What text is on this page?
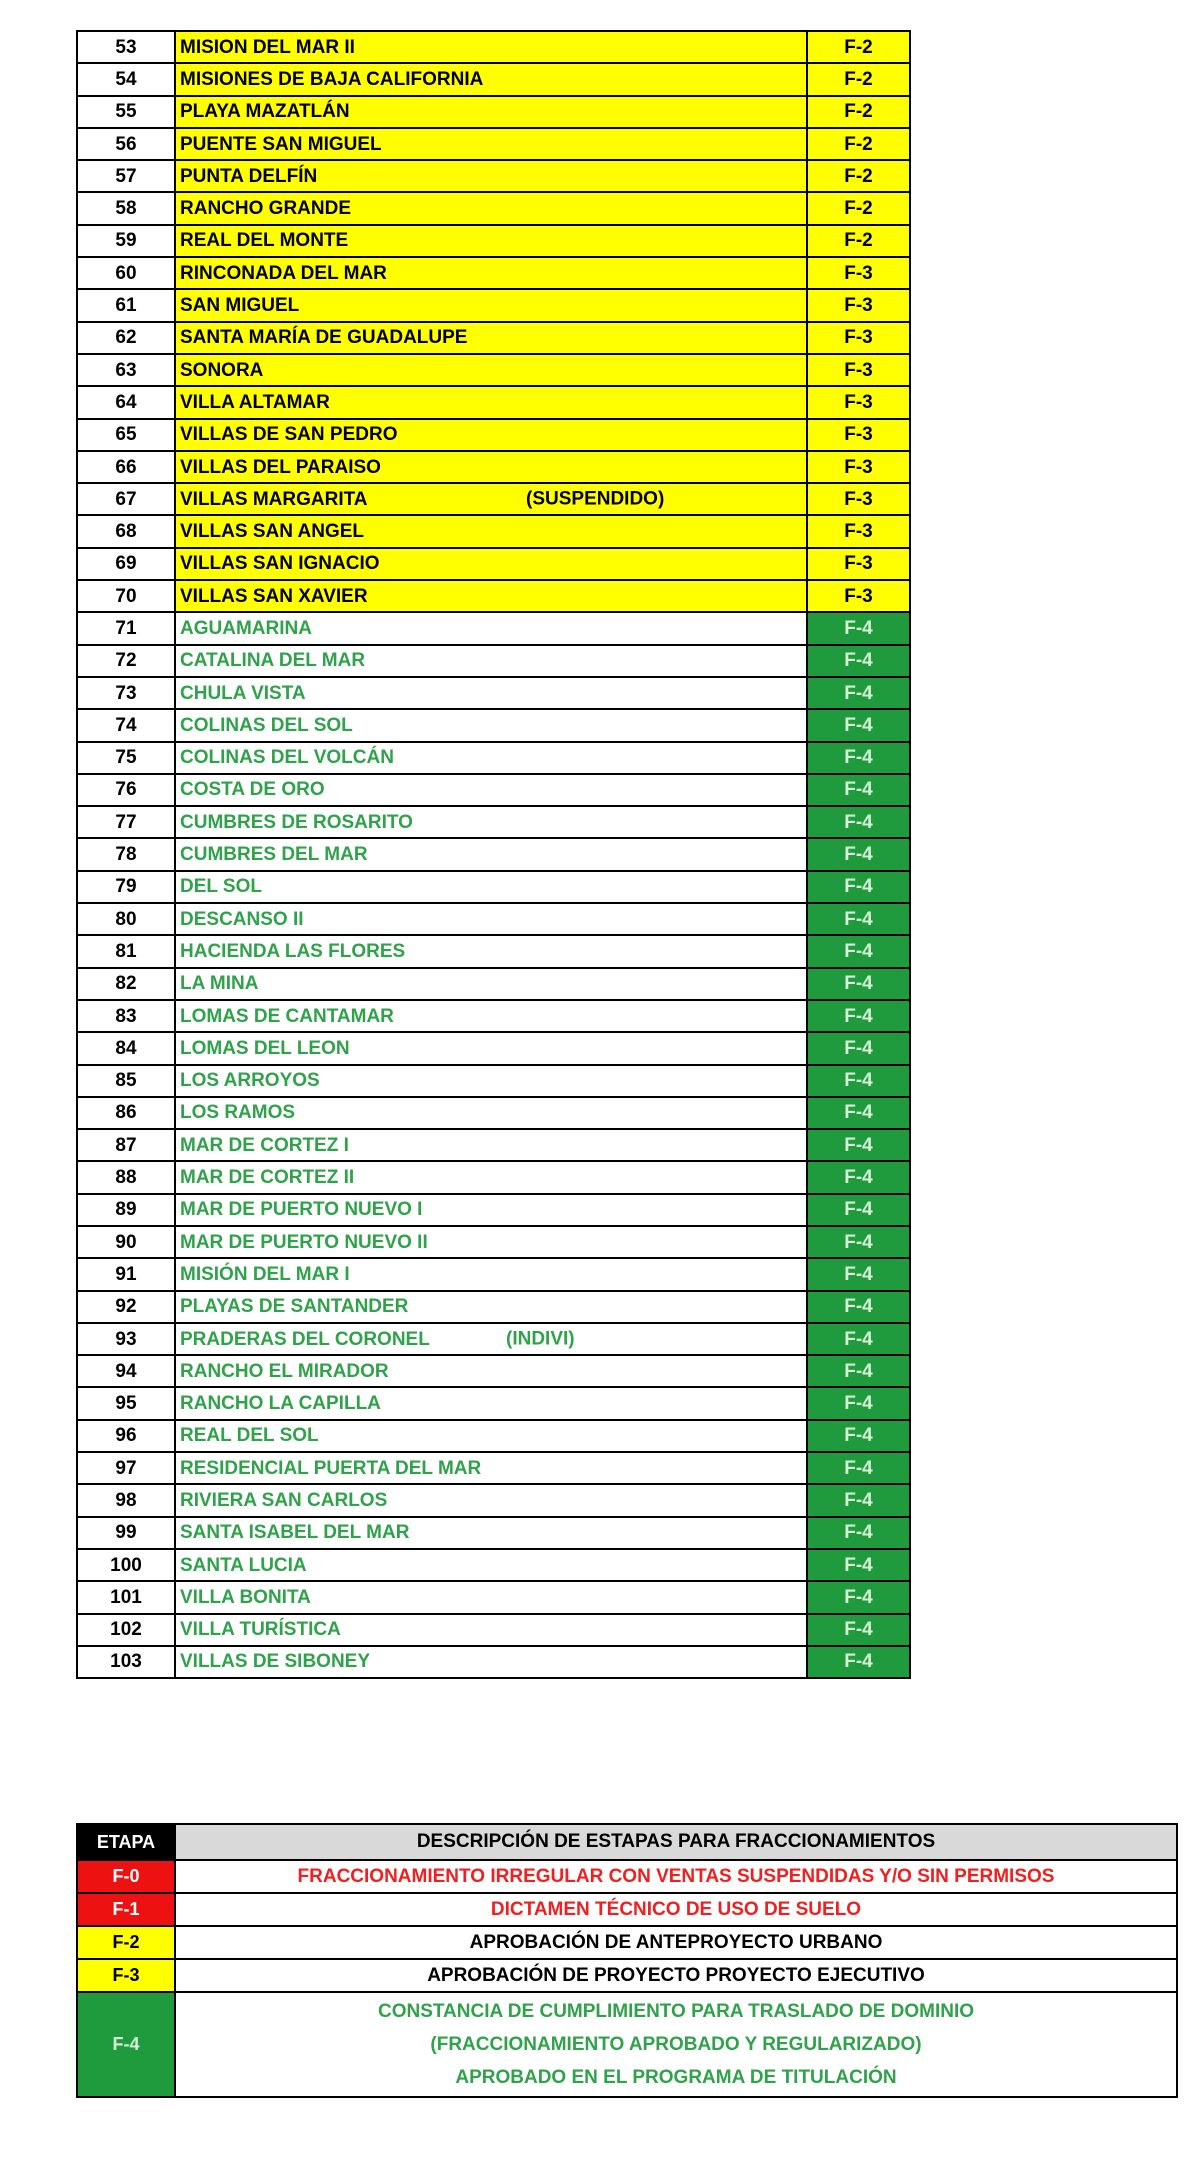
53	MISION DEL MAR II	F-2
54	MISIONES DE BAJA CALIFORNIA	F-2
55	PLAYA MAZATLÁN	F-2
56	PUENTE SAN MIGUEL	F-2
57	PUNTA DELFÍN	F-2
58	RANCHO GRANDE	F-2
59	REAL DEL MONTE	F-2
60	RINCONADA DEL MAR	F-3
61	SAN MIGUEL	F-3
62	SANTA MARÍA DE GUADALUPE	F-3
63	SONORA	F-3
64	VILLA ALTAMAR	F-3
65	VILLAS DE SAN PEDRO	F-3
66	VILLAS DEL PARAISO	F-3
67	VILLAS MARGARITA (SUSPENDIDO)	F-3
68	VILLAS SAN ANGEL	F-3
69	VILLAS SAN IGNACIO	F-3
70	VILLAS SAN XAVIER	F-3
71	AGUAMARINA	F-4
72	CATALINA DEL MAR	F-4
73	CHULA VISTA	F-4
74	COLINAS DEL SOL	F-4
75	COLINAS DEL VOLCÁN	F-4
76	COSTA DE ORO	F-4
77	CUMBRES DE ROSARITO	F-4
78	CUMBRES DEL MAR	F-4
79	DEL SOL	F-4
80	DESCANSO II	F-4
81	HACIENDA LAS FLORES	F-4
82	LA MINA	F-4
83	LOMAS DE CANTAMAR	F-4
84	LOMAS DEL LEON	F-4
85	LOS ARROYOS	F-4
86	LOS RAMOS	F-4
87	MAR DE CORTEZ I	F-4
88	MAR DE CORTEZ II	F-4
89	MAR DE PUERTO NUEVO I	F-4
90	MAR DE PUERTO NUEVO II	F-4
91	MISIÓN DEL MAR I	F-4
92	PLAYAS DE SANTANDER	F-4
93	PRADERAS DEL CORONEL (INDIVI)	F-4
94	RANCHO EL MIRADOR	F-4
95	RANCHO LA CAPILLA	F-4
96	REAL DEL SOL	F-4
97	RESIDENCIAL PUERTA DEL MAR	F-4
98	RIVIERA SAN CARLOS	F-4
99	SANTA ISABEL DEL MAR	F-4
100	SANTA LUCIA	F-4
101	VILLA BONITA	F-4
102	VILLA TURÍSTICA	F-4
103	VILLAS DE SIBONEY	F-4
ETAPA	DESCRIPCIÓN DE ESTAPAS PARA FRACCIONAMIENTOS
F-0	FRACCIONAMIENTO IRREGULAR CON VENTAS SUSPENDIDAS Y/O SIN PERMISOS
F-1	DICTAMEN TÉCNICO DE USO DE SUELO
F-2	APROBACIÓN DE ANTEPROYECTO URBANO
F-3	APROBACIÓN DE PROYECTO PROYECTO EJECUTIVO
F-4	CONSTANCIA DE CUMPLIMIENTO PARA TRASLADO DE DOMINIO
(FRACCIONAMIENTO APROBADO Y REGULARIZADO)
APROBADO EN EL PROGRAMA DE TITULACIÓN
